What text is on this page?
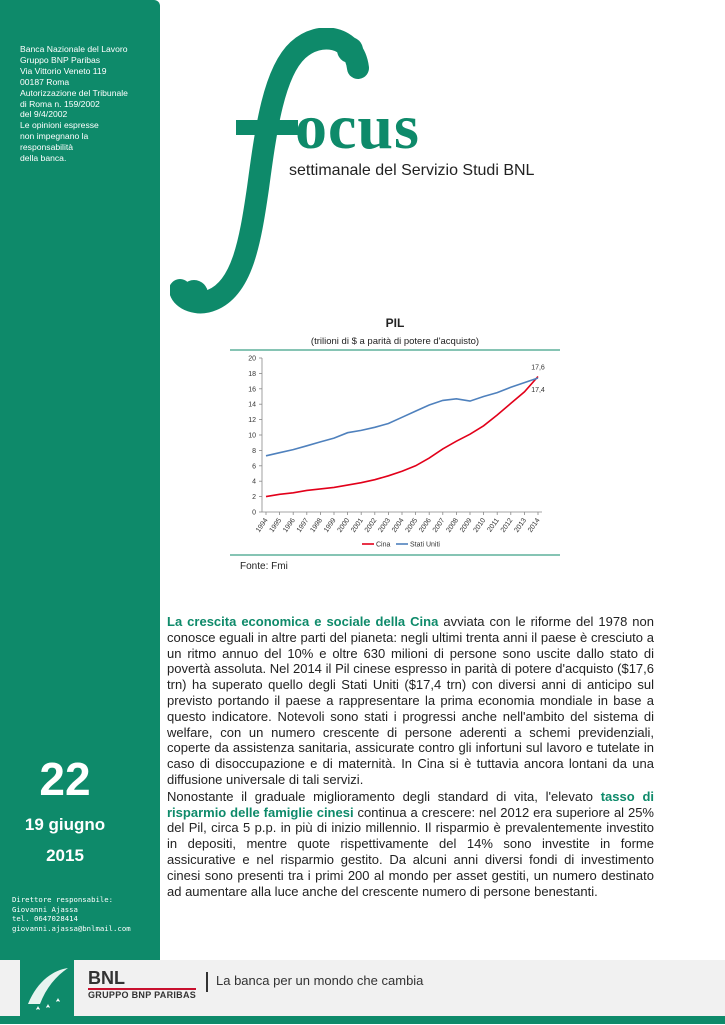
Banca Nazionale del Lavoro
Gruppo BNP Paribas
Via Vittorio Veneto 119
00187 Roma
Autorizzazione del Tribunale
di Roma n. 159/2002
del 9/4/2002
Le opinioni espresse
non impegnano la
responsabilità
della banca.
22
19 giugno
2015
Direttore responsabile:
Giovanni Ajassa
tel. 0647028414
giovanni.ajassa@bnlmail.com
ocus
settimanale del Servizio Studi BNL
PIL
(trilioni di $ a parità di potere d'acquisto)
0
2
4
6
8
10
12
14
16
18
20
1994
1995
1996
1997
1998
1999
2000
2001
2002
2003
2004
2005
2006
2007
2008
2009
2010 2011
2012
2013
2014
17,6
17,4
Cina	Stati Uniti
Fonte: Fmi

La crescita economica e sociale della Cina avviata con le riforme del 1978 non conosce eguali in altre parti del pianeta: negli ultimi trenta anni il paese è cresciuto a un ritmo annuo del 10% e oltre 630 milioni di persone sono uscite dallo stato di povertà assoluta. Nel 2014 il Pil cinese espresso in parità di potere d'acquisto ($17,6 trn) ha superato quello degli Stati Uniti ($17,4 trn) con diversi anni di anticipo sul previsto portando il paese a rappresentare la prima economia mondiale in base a questo indicatore. Notevoli sono stati i progressi anche nell'ambito del sistema di welfare, con un numero crescente di persone aderenti a schemi previdenziali, coperte da assistenza sanitaria, assicurate contro gli infortuni sul lavoro e tutelate in caso di disoccupazione e di maternità. In Cina si è tuttavia ancora lontani da una diffusione universale di tali servizi.

Nonostante il graduale miglioramento degli standard di vita, l'elevato tasso di risparmio delle famiglie cinesi continua a crescere: nel 2012 era superiore al 25% del Pil, circa 5 p.p. in più di inizio millennio. Il risparmio è prevalentemente investito in depositi, mentre quote rispettivamente del 14% sono investite in forme assicurative e nel risparmio gestito. Da alcuni anni diversi fondi di investimento cinesi sono presenti tra i primi 200 al mondo per asset gestiti, un numero destinato ad aumentare alla luce anche del crescente numero di persone benestanti.

BNL
GRUPPO BNP PARIBAS
La banca per un mondo che cambia
